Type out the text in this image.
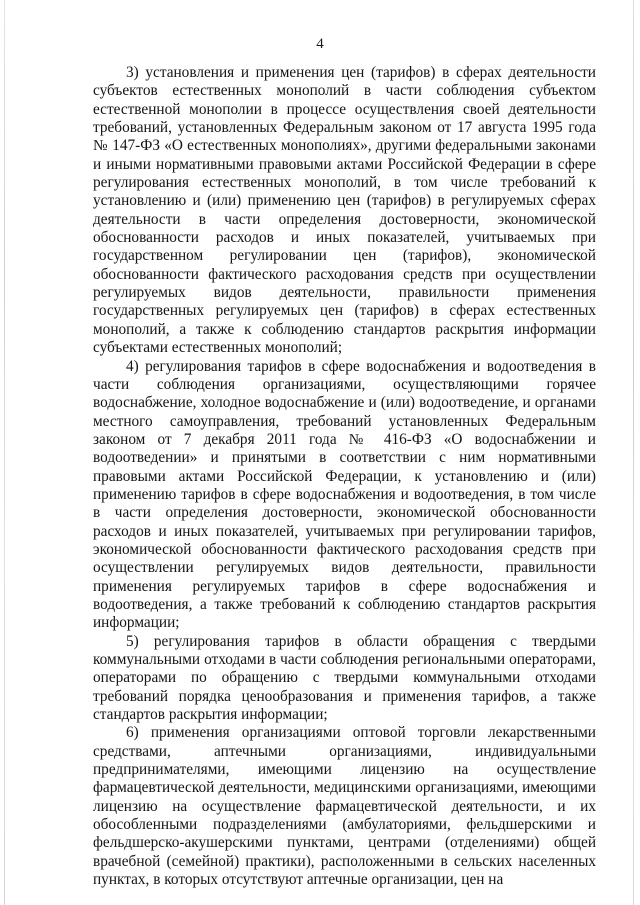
4

3) установления и применения цен (тарифов) в сферах деятельности субъектов естественных монополий в части соблюдения субъектом естественной монополии в процессе осуществления своей деятельности требований, установленных Федеральным законом от 17 августа 1995 года № 147-ФЗ «О естественных монополиях», другими федеральными законами и иными нормативными правовыми актами Российской Федерации в сфере регулирования естественных монополий, в том числе требований к установлению и (или) применению цен (тарифов) в регулируемых сферах деятельности в части определения достоверности, экономической обоснованности расходов и иных показателей, учитываемых при государственном регулировании цен (тарифов), экономической обоснованности фактического расходования средств при осуществлении регулируемых видов деятельности, правильности применения государственных регулируемых цен (тарифов) в сферах естественных монополий, а также к соблюдению стандартов раскрытия информации субъектами естественных монополий;

4) регулирования тарифов в сфере водоснабжения и водоотведения в части соблюдения организациями, осуществляющими горячее водоснабжение, холодное водоснабжение и (или) водоотведение, и органами местного самоуправления, требований установленных Федеральным законом от 7 декабря 2011 года № 416-ФЗ «О водоснабжении и водоотведении» и принятыми в соответствии с ним нормативными правовыми актами Российской Федерации, к установлению и (или) применению тарифов в сфере водоснабжения и водоотведения, в том числе в части определения достоверности, экономической обоснованности расходов и иных показателей, учитываемых при регулировании тарифов, экономической обоснованности фактического расходования средств при осуществлении регулируемых видов деятельности, правильности применения регулируемых тарифов в сфере водоснабжения и водоотведения, а также требований к соблюдению стандартов раскрытия информации;

5) регулирования тарифов в области обращения с твердыми коммунальными отходами в части соблюдения региональными операторами, операторами по обращению с твердыми коммунальными отходами требований порядка ценообразования и применения тарифов, а также стандартов раскрытия информации;

6) применения организациями оптовой торговли лекарственными средствами, аптечными организациями, индивидуальными предпринимателями, имеющими лицензию на осуществление фармацевтической деятельности, медицинскими организациями, имеющими лицензию на осуществление фармацевтической деятельности, и их обособленными подразделениями (амбулаториями, фельдшерскими и фельдшерско-акушерскими пунктами, центрами (отделениями) общей врачебной (семейной) практики), расположенными в сельских населенных пунктах, в которых отсутствуют аптечные организации, цен на
